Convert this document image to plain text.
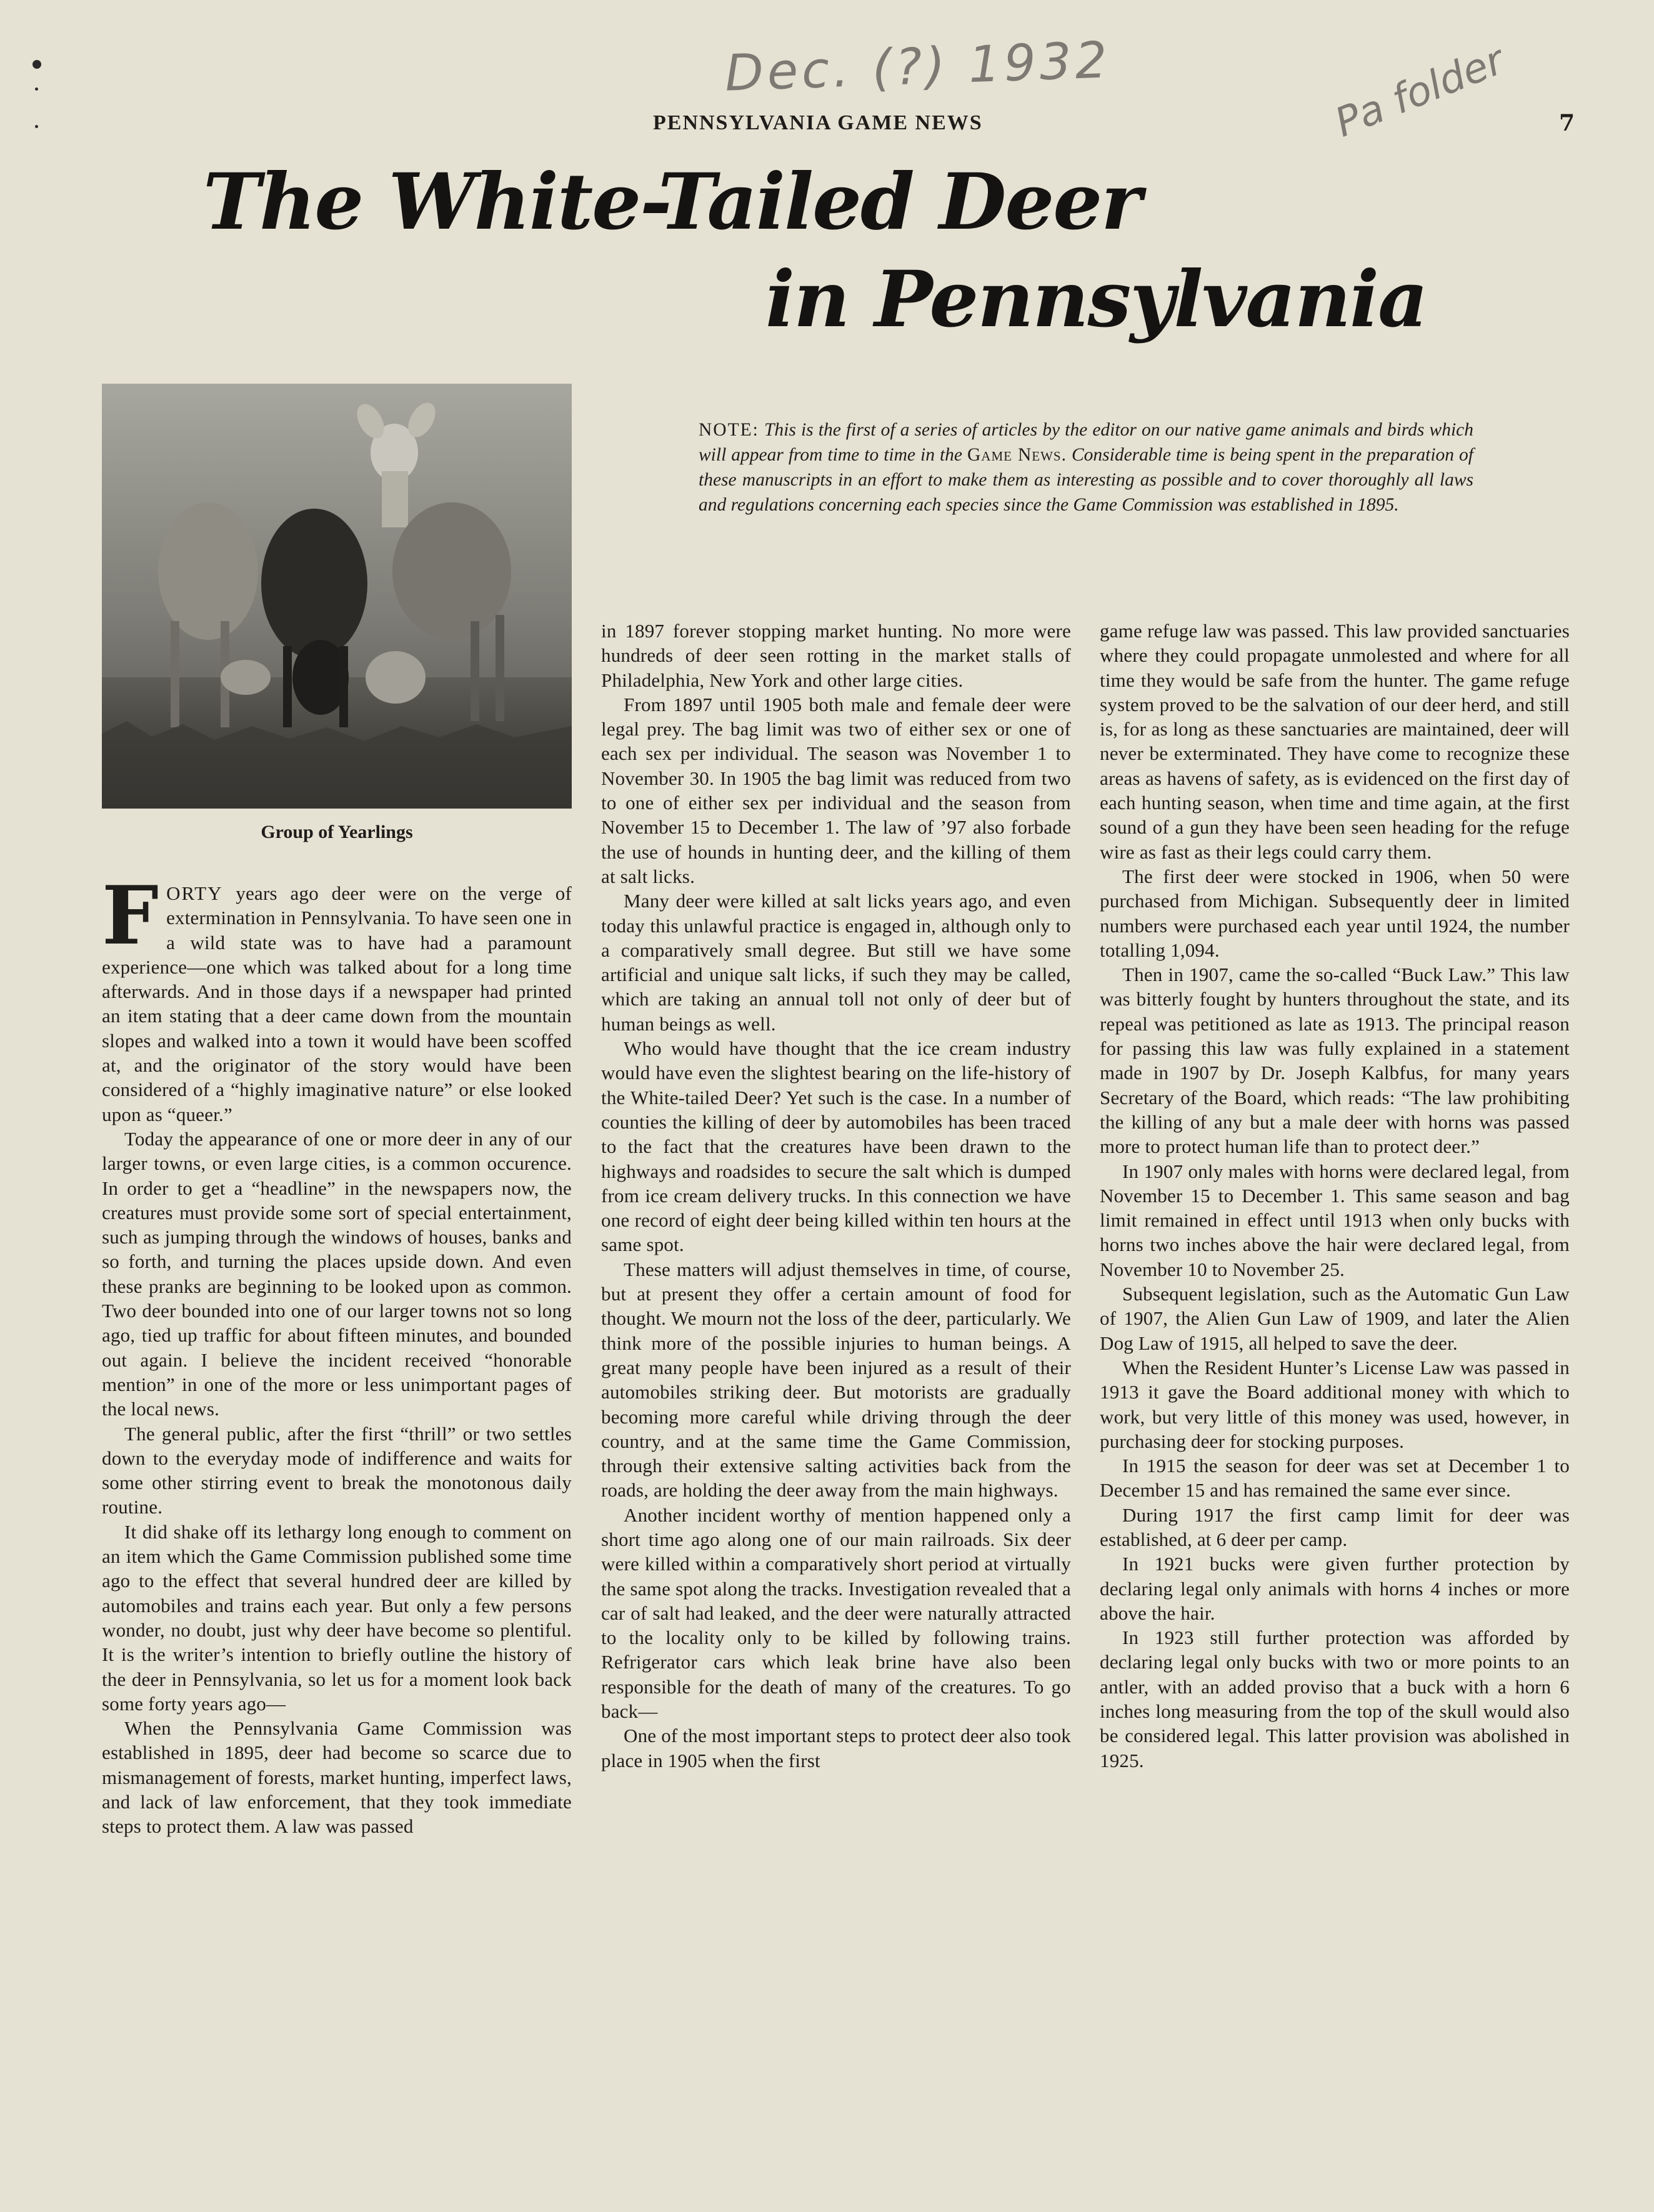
Dec. (?) 1932	Pa folder
PENNSYLVANIA GAME NEWS	7
The White-Tailed Deer
in Pennsylvania
Group of Yearlings
NOTE: This is the first of a series of articles by the editor on our native game animals and birds which will appear from time to time in the Game News. Considerable time is being spent in the preparation of these manuscripts in an effort to make them as interesting as possible and to cover thoroughly all laws and regulations concerning each species since the Game Commission was established in 1895.

FORTY years ago deer were on the verge of extermination in Pennsylvania. To have seen one in a wild state was to have had a paramount experience—one which was talked about for a long time afterwards. And in those days if a newspaper had printed an item stating that a deer came down from the mountain slopes and walked into a town it would have been scoffed at, and the originator of the story would have been considered of a “highly imaginative nature” or else looked upon as “queer.”

Today the appearance of one or more deer in any of our larger towns, or even large cities, is a common occurence. In order to get a “headline” in the newspapers now, the creatures must provide some sort of special entertainment, such as jumping through the windows of houses, banks and so forth, and turning the places upside down. And even these pranks are beginning to be looked upon as common. Two deer bounded into one of our larger towns not so long ago, tied up traffic for about fifteen minutes, and bounded out again. I believe the incident received “honorable mention” in one of the more or less unimportant pages of the local news.

The general public, after the first “thrill” or two settles down to the everyday mode of indifference and waits for some other stirring event to break the monotonous daily routine.

It did shake off its lethargy long enough to comment on an item which the Game Commission published some time ago to the effect that several hundred deer are killed by automobiles and trains each year. But only a few persons wonder, no doubt, just why deer have become so plentiful. It is the writer’s intention to briefly outline the history of the deer in Pennsylvania, so let us for a moment look back some forty years ago—

When the Pennsylvania Game Commission was established in 1895, deer had become so scarce due to mismanagement of forests, market hunting, imperfect laws, and lack of law enforcement, that they took immediate steps to protect them. A law was passed

in 1897 forever stopping market hunting. No more were hundreds of deer seen rotting in the market stalls of Philadelphia, New York and other large cities.

From 1897 until 1905 both male and female deer were legal prey. The bag limit was two of either sex or one of each sex per individual. The season was November 1 to November 30. In 1905 the bag limit was reduced from two to one of either sex per individual and the season from November 15 to December 1. The law of ’97 also forbade the use of hounds in hunting deer, and the killing of them at salt licks.

Many deer were killed at salt licks years ago, and even today this unlawful practice is engaged in, although only to a comparatively small degree. But still we have some artificial and unique salt licks, if such they may be called, which are taking an annual toll not only of deer but of human beings as well.

Who would have thought that the ice cream industry would have even the slightest bearing on the life-history of the White-tailed Deer? Yet such is the case. In a number of counties the killing of deer by automobiles has been traced to the fact that the creatures have been drawn to the highways and roadsides to secure the salt which is dumped from ice cream delivery trucks. In this connection we have one record of eight deer being killed within ten hours at the same spot.

These matters will adjust themselves in time, of course, but at present they offer a certain amount of food for thought. We mourn not the loss of the deer, particularly. We think more of the possible injuries to human beings. A great many people have been injured as a result of their automobiles striking deer. But motorists are gradually becoming more careful while driving through the deer country, and at the same time the Game Commission, through their extensive salting activities back from the roads, are holding the deer away from the main highways.

Another incident worthy of mention happened only a short time ago along one of our main railroads. Six deer were killed within a comparatively short period at virtually the same spot along the tracks. Investigation revealed that a car of salt had leaked, and the deer were naturally attracted to the locality only to be killed by following trains. Refrigerator cars which leak brine have also been responsible for the death of many of the creatures. To go back—

One of the most important steps to protect deer also took place in 1905 when the first

game refuge law was passed. This law provided sanctuaries where they could propagate unmolested and where for all time they would be safe from the hunter. The game refuge system proved to be the salvation of our deer herd, and still is, for as long as these sanctuaries are maintained, deer will never be exterminated. They have come to recognize these areas as havens of safety, as is evidenced on the first day of each hunting season, when time and time again, at the first sound of a gun they have been seen heading for the refuge wire as fast as their legs could carry them.

The first deer were stocked in 1906, when 50 were purchased from Michigan. Subsequently deer in limited numbers were purchased each year until 1924, the number totalling 1,094.

Then in 1907, came the so-called “Buck Law.” This law was bitterly fought by hunters throughout the state, and its repeal was petitioned as late as 1913. The principal reason for passing this law was fully explained in a statement made in 1907 by Dr. Joseph Kalbfus, for many years Secretary of the Board, which reads: “The law prohibiting the killing of any but a male deer with horns was passed more to protect human life than to protect deer.”

In 1907 only males with horns were declared legal, from November 15 to December 1. This same season and bag limit remained in effect until 1913 when only bucks with horns two inches above the hair were declared legal, from November 10 to November 25.

Subsequent legislation, such as the Automatic Gun Law of 1907, the Alien Gun Law of 1909, and later the Alien Dog Law of 1915, all helped to save the deer.

When the Resident Hunter’s License Law was passed in 1913 it gave the Board additional money with which to work, but very little of this money was used, however, in purchasing deer for stocking purposes.

In 1915 the season for deer was set at December 1 to December 15 and has remained the same ever since.

During 1917 the first camp limit for deer was established, at 6 deer per camp.

In 1921 bucks were given further protection by declaring legal only animals with horns 4 inches or more above the hair.

In 1923 still further protection was afforded by declaring legal only bucks with two or more points to an antler, with an added proviso that a buck with a horn 6 inches long measuring from the top of the skull would also be considered legal. This latter provision was abolished in 1925.
